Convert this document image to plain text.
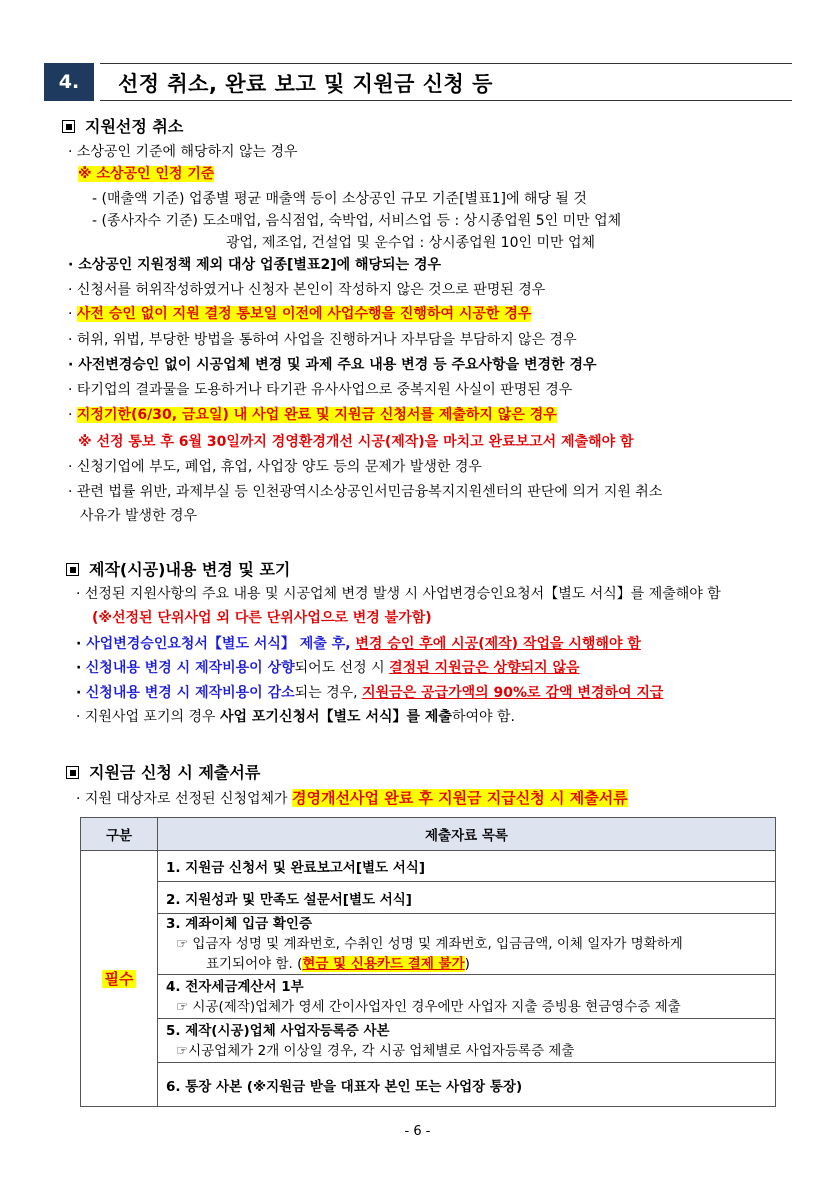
4.	선정 취소, 완료 보고 및 지원금 신청 등
지원선정 취소
· 소상공인 기준에 해당하지 않는 경우
※ 소상공인 인정 기준
- (매출액 기준) 업종별 평균 매출액 등이 소상공인 규모 기준[별표1]에 해당 될 것
- (종사자수 기준) 도소매업, 음식점업, 숙박업, 서비스업 등 : 상시종업원 5인 미만 업체
광업, 제조업, 건설업 및 운수업 : 상시종업원 10인 미만 업체
· 소상공인 지원정책 제외 대상 업종[별표2]에 해당되는 경우
· 신청서를 허위작성하였거나 신청자 본인이 작성하지 않은 것으로 판명된 경우
· 사전 승인 없이 지원 결정 통보일 이전에 사업수행을 진행하여 시공한 경우
· 허위, 위법, 부당한 방법을 통하여 사업을 진행하거나 자부담을 부담하지 않은 경우
· 사전변경승인 없이 시공업체 변경 및 과제 주요 내용 변경 등 주요사항을 변경한 경우
· 타기업의 결과물을 도용하거나 타기관 유사사업으로 중복지원 사실이 판명된 경우
· 지정기한(6/30, 금요일) 내 사업 완료 및 지원금 신청서를 제출하지 않은 경우
※ 선정 통보 후 6월 30일까지 경영환경개선 시공(제작)을 마치고 완료보고서 제출해야 함
· 신청기업에 부도, 폐업, 휴업, 사업장 양도 등의 문제가 발생한 경우
· 관련 법률 위반, 과제부실 등 인천광역시소상공인서민금융복지지원센터의 판단에 의거 지원 취소
사유가 발생한 경우
제작(시공)내용 변경 및 포기
· 선정된 지원사항의 주요 내용 및 시공업체 변경 발생 시 사업변경승인요청서【별도 서식】를 제출해야 함
(※선정된 단위사업 외 다른 단위사업으로 변경 불가함)
· 사업변경승인요청서【별도 서식】 제출 후, 변경 승인 후에 시공(제작) 작업을 시행해야 함
· 신청내용 변경 시 제작비용이 상향되어도 선정 시 결정된 지원금은 상향되지 않음
· 신청내용 변경 시 제작비용이 감소되는 경우, 지원금은 공급가액의 90%로 감액 변경하여 지급
· 지원사업 포기의 경우 사업 포기신청서【별도 서식】를 제출하여야 함.
지원금 신청 시 제출서류
· 지원 대상자로 선정된 신청업체가 경영개선사업 완료 후 지원금 지급신청 시 제출서류
구분	제출자료 목록
필수	1. 지원금 신청서 및 완료보고서[별도 서식]
	2. 지원성과 및 만족도 설문서[별도 서식]

	3. 계좌이체 입금 확인증
☞ 입금자 성명 및 계좌번호, 수취인 성명 및 계좌번호, 입금금액, 이체 일자가 명확하게
표기되어야 함. (현금 및 신용카드 결제 불가)

	4. 전자세금계산서 1부
☞ 시공(제작)업체가 영세 간이사업자인 경우에만 사업자 지출 증빙용 현금영수증 제출

	5. 제작(시공)업체 사업자등록증 사본
☞시공업체가 2개 이상일 경우, 각 시공 업체별로 사업자등록증 제출

	6. 통장 사본 (※지원금 받을 대표자 본인 또는 사업장 통장)
- 6 -
